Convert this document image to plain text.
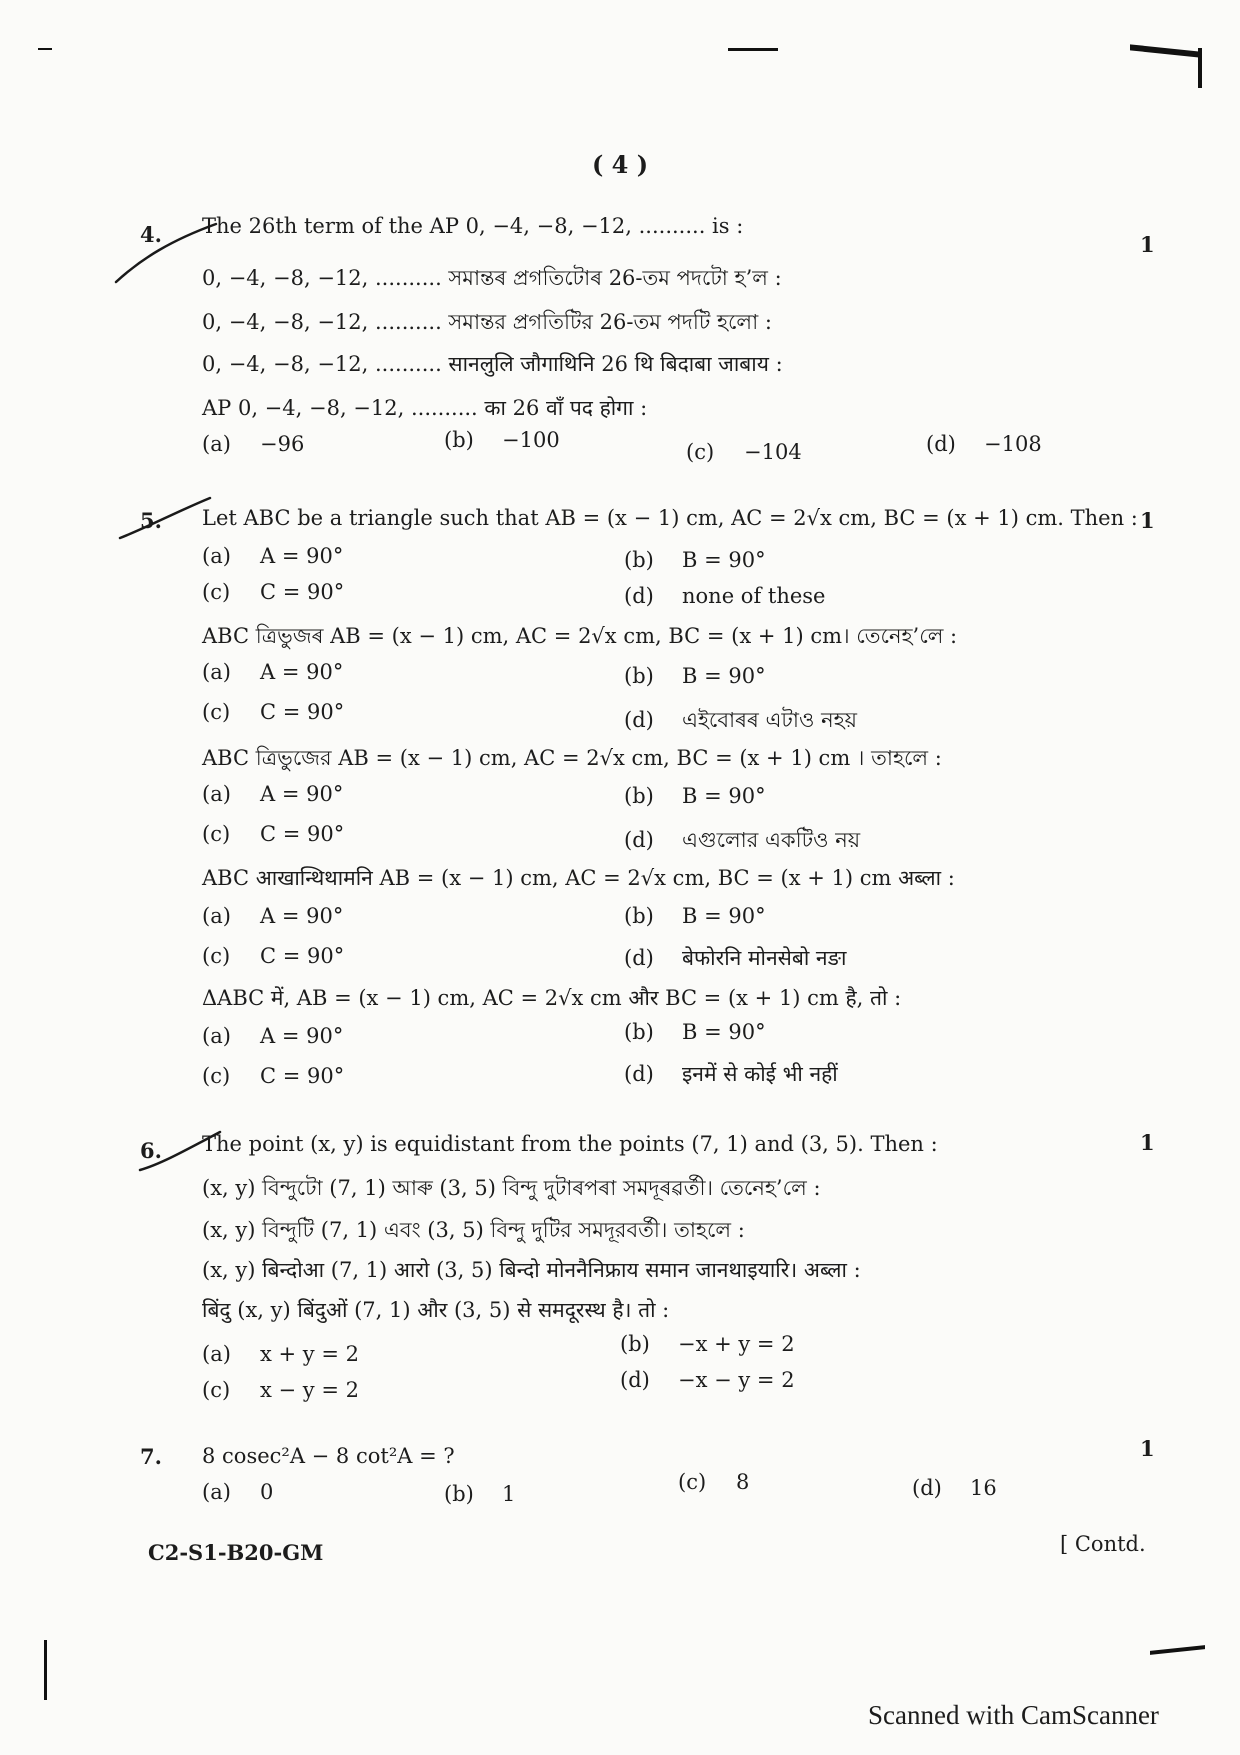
( 4 )
4.	1
The 26th term of the AP 0, −4, −8, −12, .......... is :
0, −4, −8, −12, .......... সমান্তৰ প্ৰগতিটোৰ 26-তম পদটো হ’ল :
0, −4, −8, −12, .......... সমান্তর প্রগতিটির 26-তম পদটি হলো :
0, −4, −8, −12, .......... सानलुलि जौगाथिनि 26 थि बिदाबा जाबाय :
AP 0, −4, −8, −12, .......... का 26 वाँ पद होगा :
(a) −96	(b) −100	(c) −104	(d) −108
5.	1
Let ABC be a triangle such that AB = (x − 1) cm, AC = 2√x cm, BC = (x + 1) cm. Then :
(a) A = 90°	(b) B = 90°
(c) C = 90°	(d) none of these
ABC ত্ৰিভুজৰ AB = (x − 1) cm, AC = 2√x cm, BC = (x + 1) cm। তেনেহ’লে :
(a) A = 90°	(b) B = 90°
(c) C = 90°	(d) এইবোৰৰ এটাও নহয়
ABC ত্রিভুজের AB = (x − 1) cm, AC = 2√x cm, BC = (x + 1) cm । তাহলে :
(a) A = 90°	(b) B = 90°
(c) C = 90°	(d) এগুলোর একটিও নয়
ABC आखान्थिथामनि AB = (x − 1) cm, AC = 2√x cm, BC = (x + 1) cm अब्ला :
(a) A = 90°	(b) B = 90°
(c) C = 90°	(d) बेफोरनि मोनसेबो नङा
ΔABC में, AB = (x − 1) cm, AC = 2√x cm और BC = (x + 1) cm है, तो :
(a) A = 90°	(b) B = 90°
(c) C = 90°	(d) इनमें से कोई भी नहीं
6.	1
The point (x, y) is equidistant from the points (7, 1) and (3, 5). Then :
(x, y) বিন্দুটো (7, 1) আৰু (3, 5) বিন্দু দুটাৰপৰা সমদূৰৱৰ্তী। তেনেহ’লে :
(x, y) বিন্দুটি (7, 1) এবং (3, 5) বিন্দু দুটির সমদূরবর্তী। তাহলে :
(x, y) बिन्दोआ (7, 1) आरो (3, 5) बिन्दो मोननैनिफ्राय समान जानथाइयारि। अब्ला :
बिंदु (x, y) बिंदुओं (7, 1) और (3, 5) से समदूरस्थ है। तो :
(a) x + y = 2	(b) −x + y = 2
(c) x − y = 2	(d) −x − y = 2
7.	1
8 cosec²A − 8 cot²A = ?
(a) 0	(b) 1	(c) 8	(d) 16
C2-S1-B20-GM	[ Contd.
Scanned with CamScanner
